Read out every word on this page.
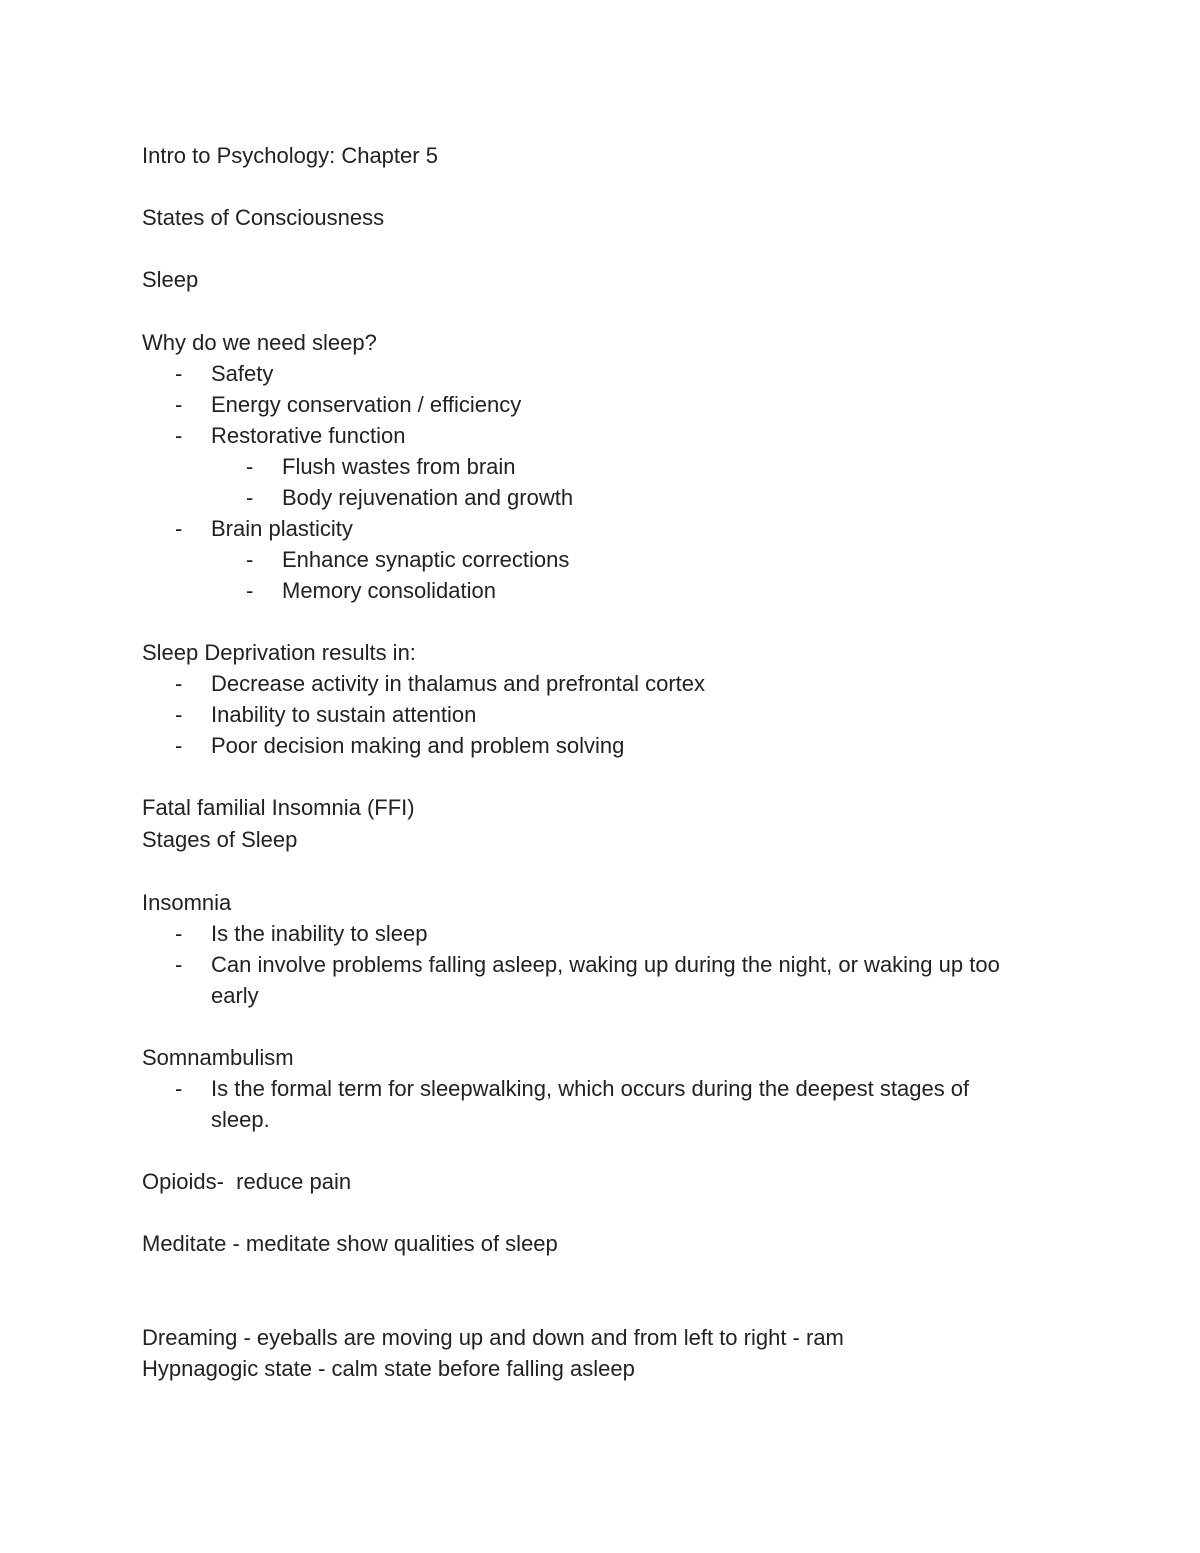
Intro to Psychology: Chapter 5
States of Consciousness
Sleep
Why do we need sleep?
- Safety
- Energy conservation / efficiency
- Restorative function
- Flush wastes from brain
- Body rejuvenation and growth
- Brain plasticity
- Enhance synaptic corrections
- Memory consolidation
Sleep Deprivation results in:
- Decrease activity in thalamus and prefrontal cortex
- Inability to sustain attention
- Poor decision making and problem solving
Fatal familial Insomnia (FFI)
Stages of Sleep
Insomnia
- Is the inability to sleep
- Can involve problems falling asleep, waking up during the night, or waking up too
early
Somnambulism
- Is the formal term for sleepwalking, which occurs during the deepest stages of
sleep.
Opioids-  reduce pain
Meditate - meditate show qualities of sleep
Dreaming - eyeballs are moving up and down and from left to right - ram
Hypnagogic state - calm state before falling asleep
